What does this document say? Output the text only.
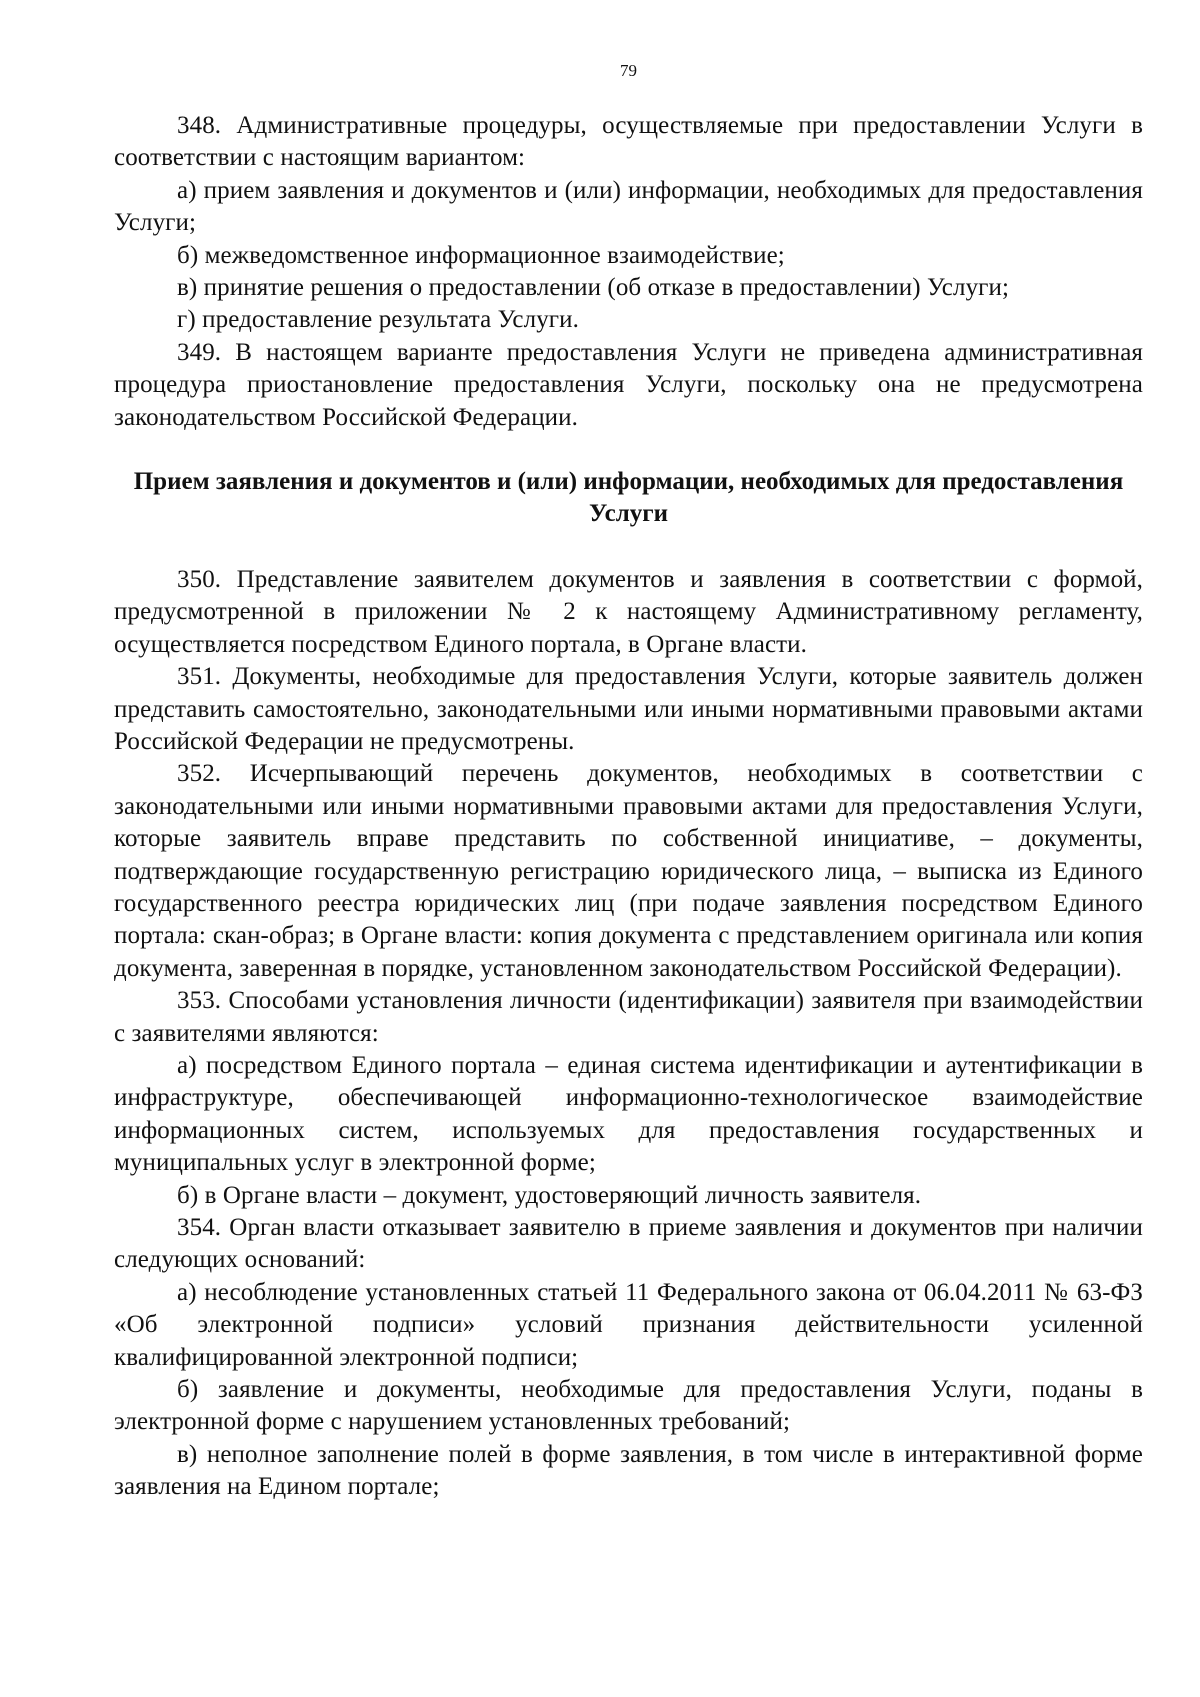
79

348. Административные процедуры, осуществляемые при предоставлении Услуги в соответствии с настоящим вариантом:

а) прием заявления и документов и (или) информации, необходимых для предоставления Услуги;

б) межведомственное информационное взаимодействие;

в) принятие решения о предоставлении (об отказе в предоставлении) Услуги;

г) предоставление результата Услуги.

349. В настоящем варианте предоставления Услуги не приведена административная процедура приостановление предоставления Услуги, поскольку она не предусмотрена законодательством Российской Федерации.

Прием заявления и документов и (или) информации, необходимых для предоставления Услуги

350. Представление заявителем документов и заявления в соответствии с формой, предусмотренной в приложении № 2 к настоящему Административному регламенту, осуществляется посредством Единого портала, в Органе власти.

351. Документы, необходимые для предоставления Услуги, которые заявитель должен представить самостоятельно, законодательными или иными нормативными правовыми актами Российской Федерации не предусмотрены.

352. Исчерпывающий перечень документов, необходимых в соответствии с законодательными или иными нормативными правовыми актами для предоставления Услуги, которые заявитель вправе представить по собственной инициативе, – документы, подтверждающие государственную регистрацию юридического лица, – выписка из Единого государственного реестра юридических лиц (при подаче заявления посредством Единого портала: скан-образ; в Органе власти: копия документа с представлением оригинала или копия документа, заверенная в порядке, установленном законодательством Российской Федерации).

353. Способами установления личности (идентификации) заявителя при взаимодействии с заявителями являются:

а) посредством Единого портала – единая система идентификации и аутентификации в инфраструктуре, обеспечивающей информационно-технологическое взаимодействие информационных систем, используемых для предоставления государственных и муниципальных услуг в электронной форме;

б) в Органе власти – документ, удостоверяющий личность заявителя.

354. Орган власти отказывает заявителю в приеме заявления и документов при наличии следующих оснований:

а) несоблюдение установленных статьей 11 Федерального закона от 06.04.2011 № 63-ФЗ «Об электронной подписи» условий признания действительности усиленной квалифицированной электронной подписи;

б) заявление и документы, необходимые для предоставления Услуги, поданы в электронной форме с нарушением установленных требований;

в) неполное заполнение полей в форме заявления, в том числе в интерактивной форме заявления на Едином портале;
